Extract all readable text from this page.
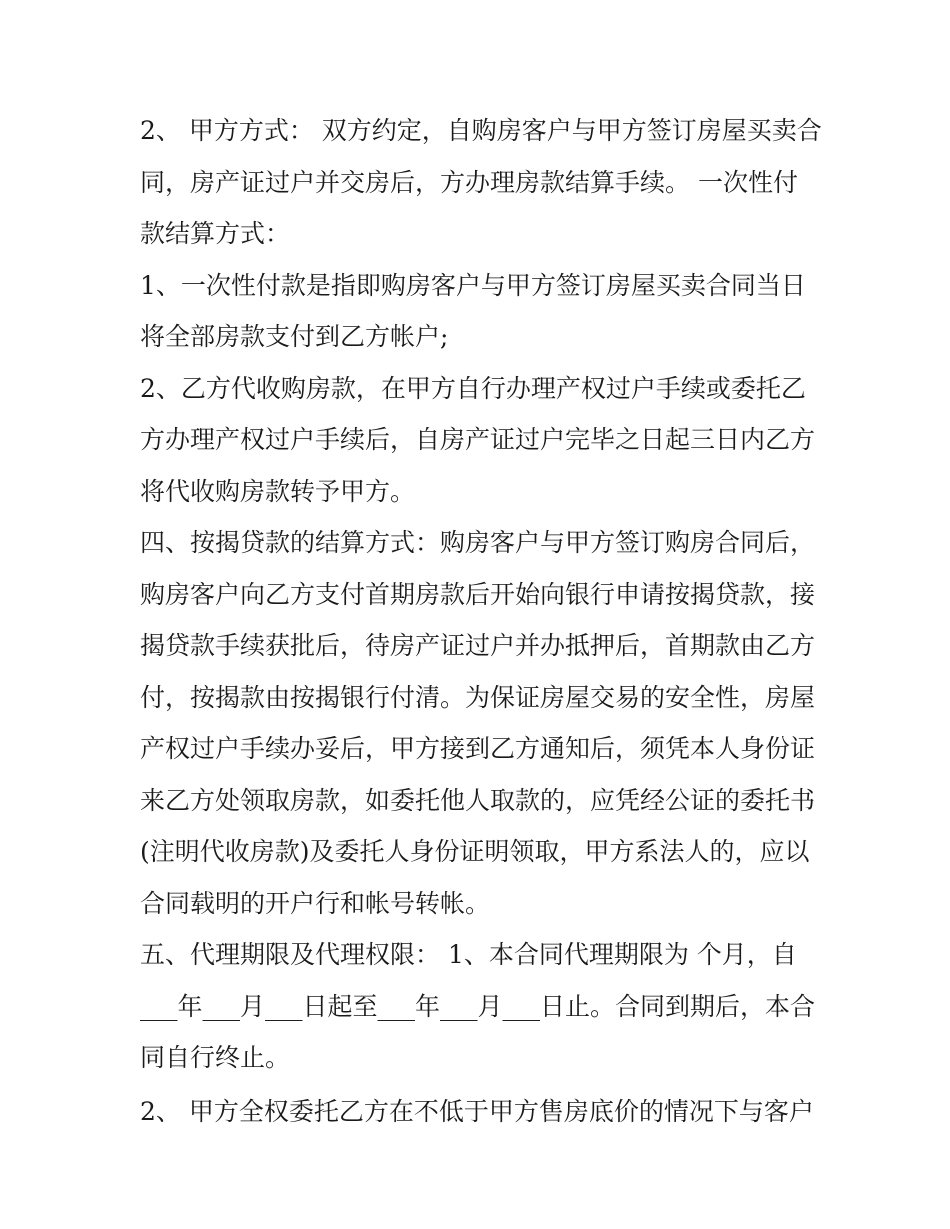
2、 甲方方式： 双方约定，自购房客户与甲方签订房屋买卖合
同，房产证过户并交房后，方办理房款结算手续。 一次性付
款结算方式：
1、一次性付款是指即购房客户与甲方签订房屋买卖合同当日
将全部房款支付到乙方帐户;
2、乙方代收购房款，在甲方自行办理产权过户手续或委托乙
方办理产权过户手续后，自房产证过户完毕之日起三日内乙方
将代收购房款转予甲方。
四、按揭贷款的结算方式：购房客户与甲方签订购房合同后，
购房客户向乙方支付首期房款后开始向银行申请按揭贷款，接
揭贷款手续获批后，待房产证过户并办抵押后，首期款由乙方
付，按揭款由按揭银行付清。为保证房屋交易的安全性，房屋
产权过户手续办妥后，甲方接到乙方通知后，须凭本人身份证
来乙方处领取房款，如委托他人取款的，应凭经公证的委托书
(注明代收房款)及委托人身份证明领取，甲方系法人的，应以
合同载明的开户行和帐号转帐。
五、代理期限及代理权限： 1、本合同代理期限为 个月，自
___年___月___日起至___年___月___日止。合同到期后，本合
同自行终止。
2、 甲方全权委托乙方在不低于甲方售房底价的情况下与客户
